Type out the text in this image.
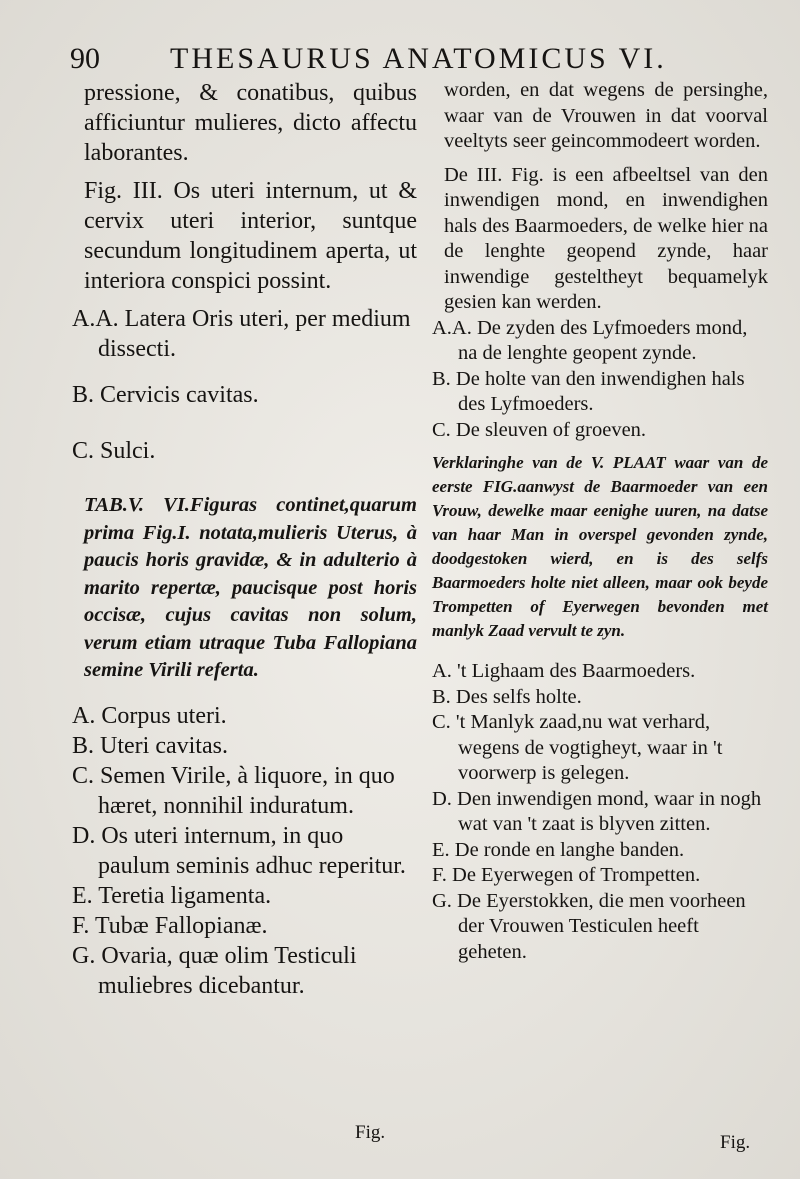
90 THESAURUS ANATOMICUS VI.

pressione, & conatibus, quibus afficiuntur mulieres, dicto affectu laborantes.

Fig. III. Os uteri internum, ut & cervix uteri interior, suntque secundum longitudinem aperta, ut interiora conspici possint.

A.A. Latera Oris uteri, per medium dissecti.

B. Cervicis cavitas.

C. Sulci.

TAB.V. VI.Figuras continet,quarum prima Fig.I. notata,mulieris Uterus, à paucis horis gravidæ, & in adulterio à marito repertæ, paucisque post horis occisæ, cujus cavitas non solum, verum etiam utraque Tuba Fallopiana semine Virili referta.

A. Corpus uteri.

B. Uteri cavitas.

C. Semen Virile, à liquore, in quo hæret, nonnihil induratum.

D. Os uteri internum, in quo paulum seminis adhuc reperitur.

E. Teretia ligamenta.

F. Tubæ Fallopianæ.

G. Ovaria, quæ olim Testiculi muliebres dicebantur.

Fig.

worden, en dat wegens de persinghe, waar van de Vrouwen in dat voorval veeltyts seer geincommodeert worden.

De III. Fig. is een afbeeltsel van den inwendigen mond, en inwendighen hals des Baarmoeders, de welke hier na de lenghte geopend zynde, haar inwendige gesteltheyt bequamelyk gesien kan werden.

A.A. De zyden des Lyfmoeders mond, na de lenghte geopent zynde.

B. De holte van den inwendighen hals des Lyfmoeders.

C. De sleuven of groeven.

Verklaringhe van de V. PLAAT waar van de eerste FIG.aanwyst de Baarmoeder van een Vrouw, dewelke maar eenighe uuren, na datse van haar Man in overspel gevonden zynde, doodgestoken wierd, en is des selfs Baarmoeders holte niet alleen, maar ook beyde Trompetten of Eyerwegen bevonden met manlyk Zaad vervult te zyn.

A. 't Lighaam des Baarmoeders.

B. Des selfs holte.

C. 't Manlyk zaad,nu wat verhard, wegens de vogtigheyt, waar in 't voorwerp is gelegen.

D. Den inwendigen mond, waar in nogh wat van 't zaat is blyven zitten.

E. De ronde en langhe banden.

F. De Eyerwegen of Trompetten.

G. De Eyerstokken, die men voorheen der Vrouwen Testiculen heeft geheten.

Fig.
